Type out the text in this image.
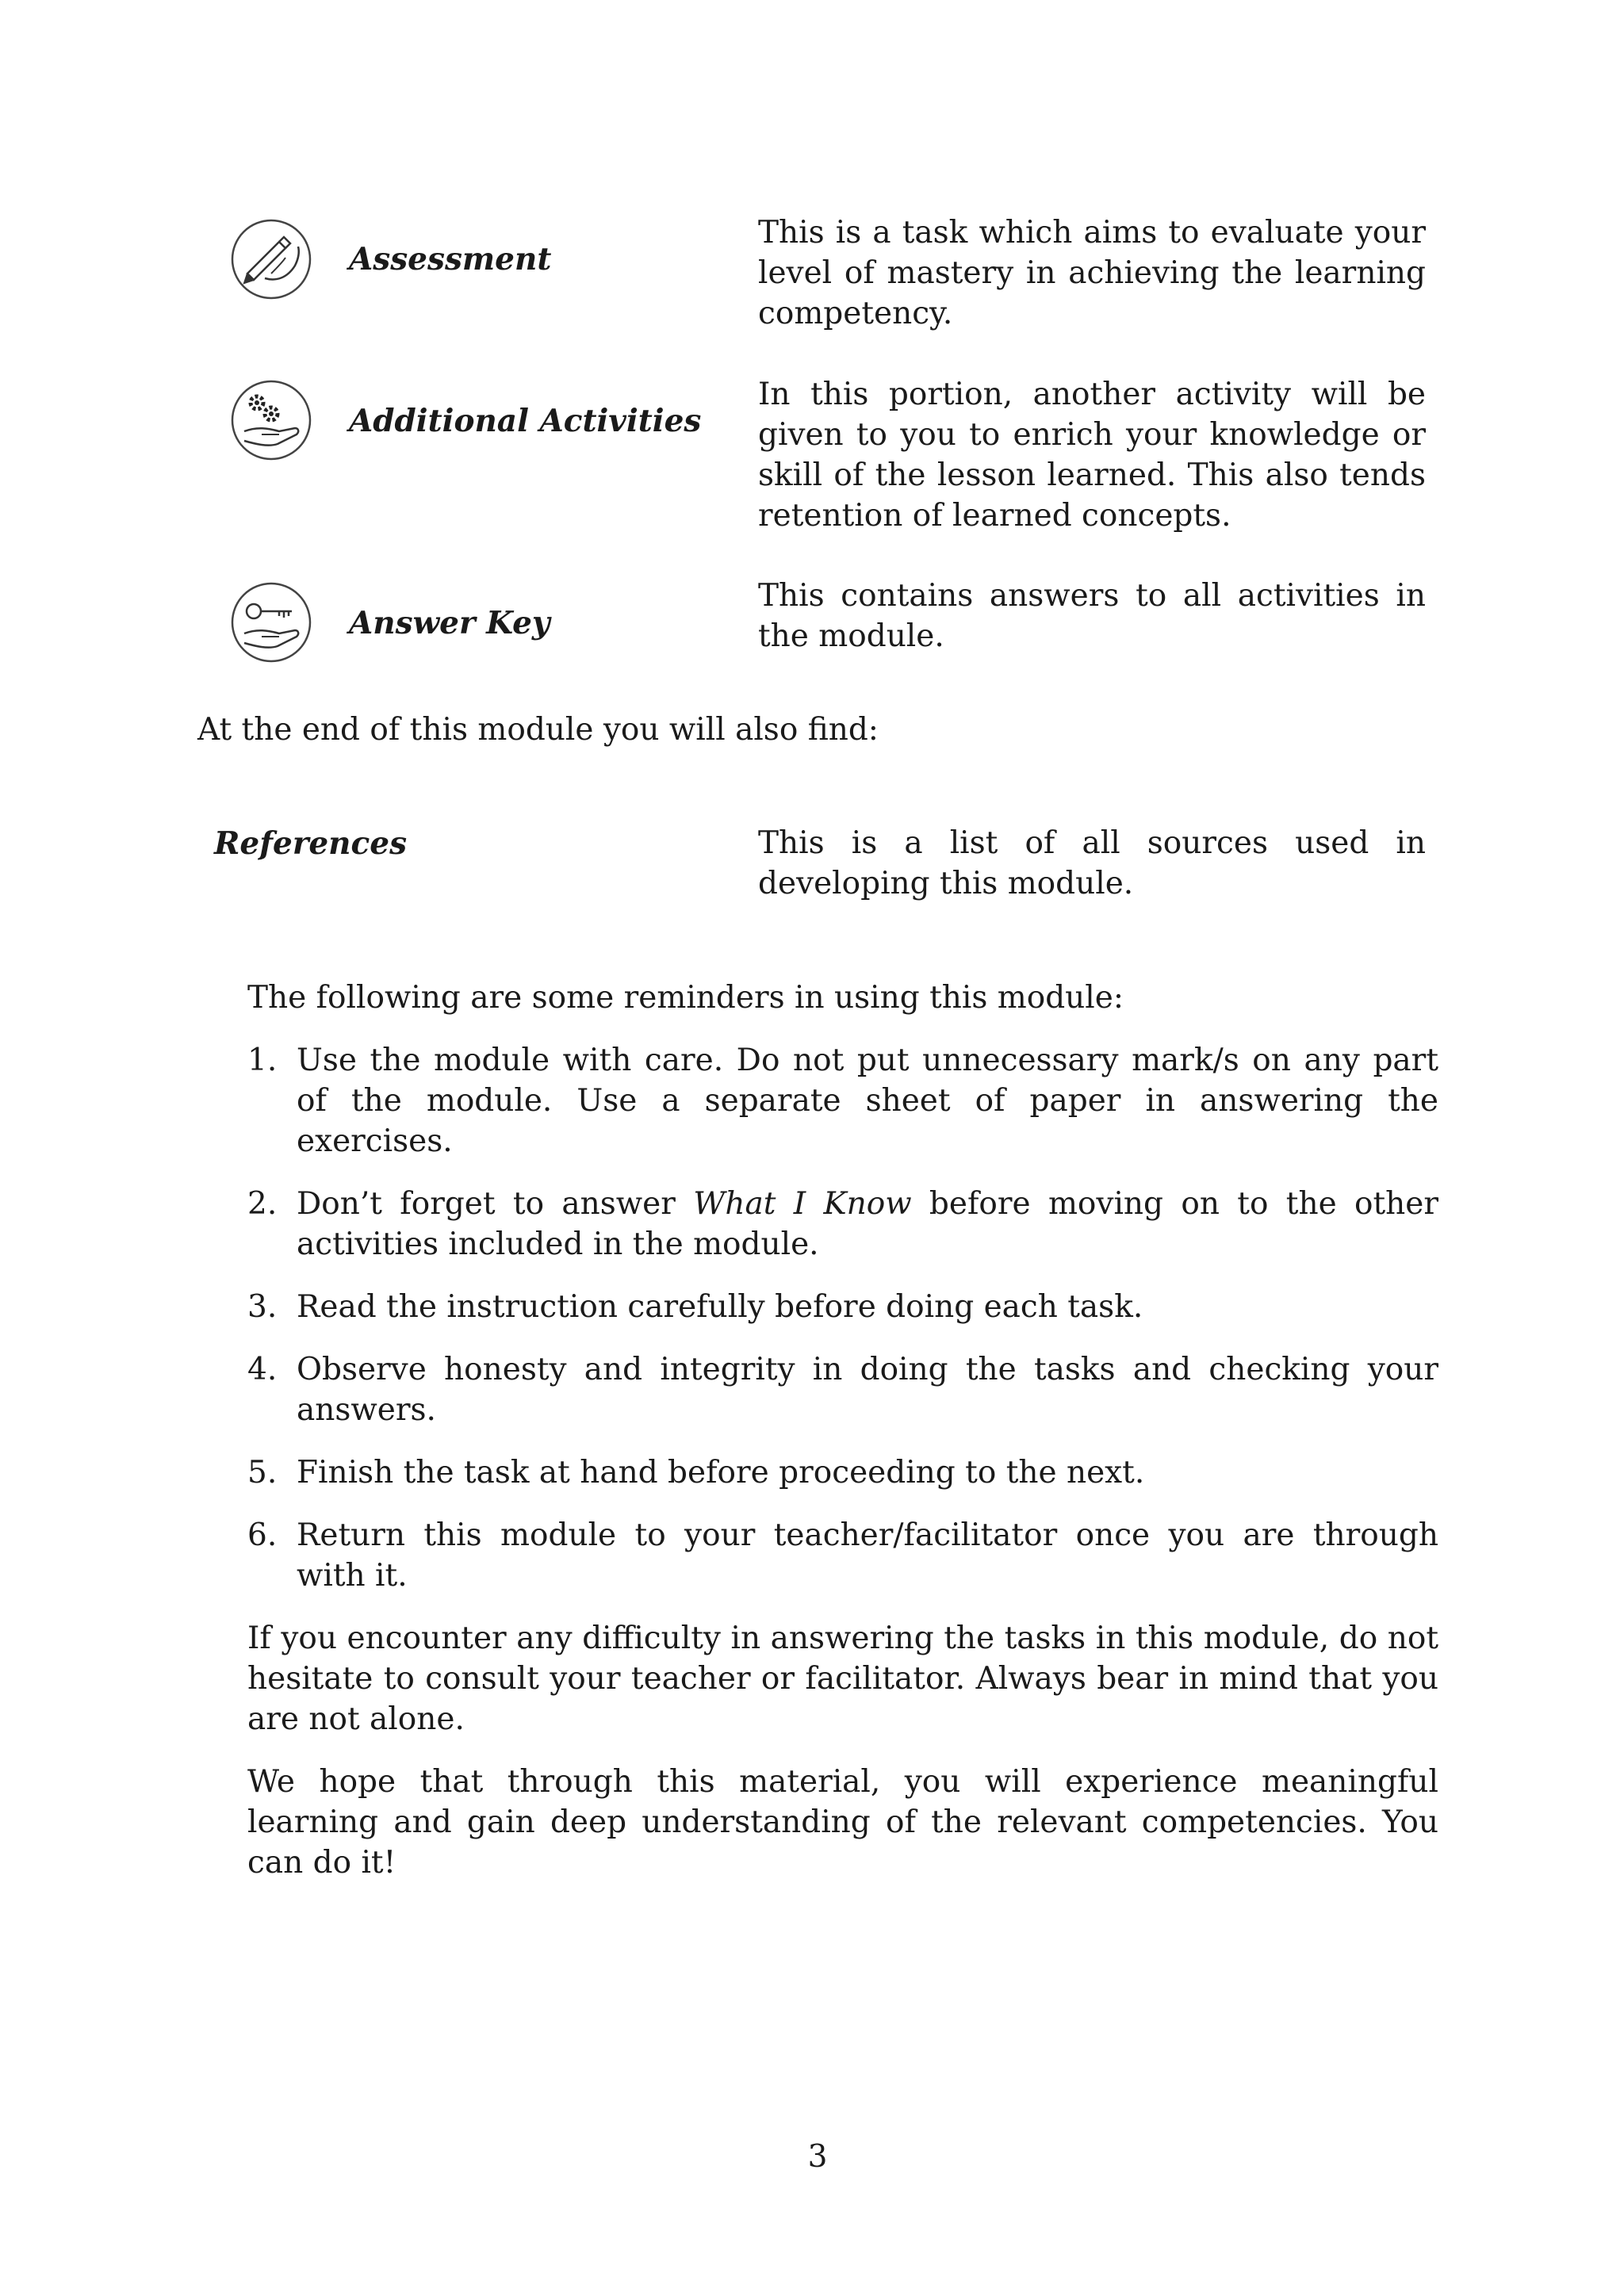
Assessment
This is a task which aims to evaluate your level of mastery in achieving the learning competency.
Additional Activities
In this portion, another activity will be given to you to enrich your knowledge or skill of the lesson learned. This also tends retention of learned concepts.
Answer Key
This contains answers to all activities in the module.
At the end of this module you will also find:
References	This is a list of all sources used in developing this module.
The following are some reminders in using this module:
1. Use the module with care. Do not put unnecessary mark/s on any part of the module. Use a separate sheet of paper in answering the exercises.
2. Don’t forget to answer What I Know before moving on to the other activities included in the module.
3. Read the instruction carefully before doing each task.
4. Observe honesty and integrity in doing the tasks and checking your answers.
5. Finish the task at hand before proceeding to the next.
6. Return this module to your teacher/facilitator once you are through with it.

If you encounter any difficulty in answering the tasks in this module, do not hesitate to consult your teacher or facilitator. Always bear in mind that you are not alone.

We hope that through this material, you will experience meaningful learning and gain deep understanding of the relevant competencies. You can do it!

3
